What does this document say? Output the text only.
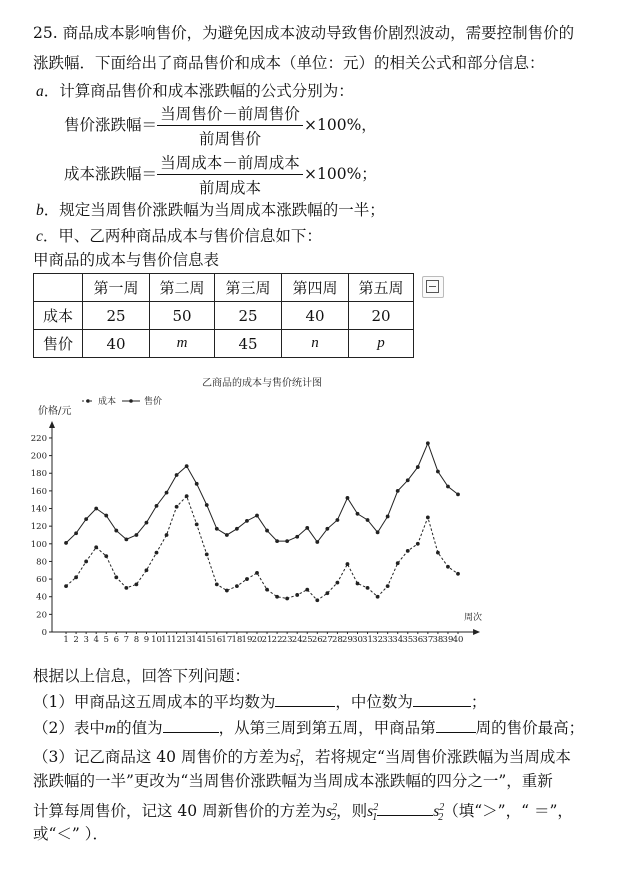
25. 商品成本影响售价，为避免因成本波动导致售价剧烈波动，需要控制售价的
涨跌幅．下面给出了商品售价和成本（单位：元）的相关公式和部分信息：
a．计算商品售价和成本涨跌幅的公式分别为：
售价涨跌幅＝
当周售价－前周售价
前周售价
×100%，
成本涨跌幅＝
当周成本－前周成本
前周成本
×100%；
b．规定当周售价涨跌幅为当周成本涨跌幅的一半；
c．甲、乙两种商品成本与售价信息如下：
甲商品的成本与售价信息表
	第一周	第二周	第三周	第四周	第五周
成本	25	50	25	40	20
售价	40	m	45	n	p
乙商品的成本与售价统计图
价格/元
成本	售价
0
20
40
60
80
100
120
140
160
180
200
220
1 2 3 4 5 6 7 8 9 10 11 12 13 14 15 16 17 18 19 20 21 22 23 24 25 26 27 28 29 30 31 32 33 34 35 36 37 38 39 40
周次
根据以上信息，回答下列问题：
（1）甲商品这五周成本的平均数为	，中位数为	；
（2）表中m的值为	，从第三周到第五周，甲商品第	周的售价最高；
（3）记乙商品这 40 周售价的方差为$s^2_1$，若将规定“当周售价涨跌幅为当周成本
涨跌幅的一半”更改为“当周售价涨跌幅为当周成本涨跌幅的四分之一”，重新
计算每周售价，记这 40 周新售价的方差为$s^2_2$，则$s^2_1$	$s^2_2$（填“＞”，“ ＝”，
或“＜” ）．
